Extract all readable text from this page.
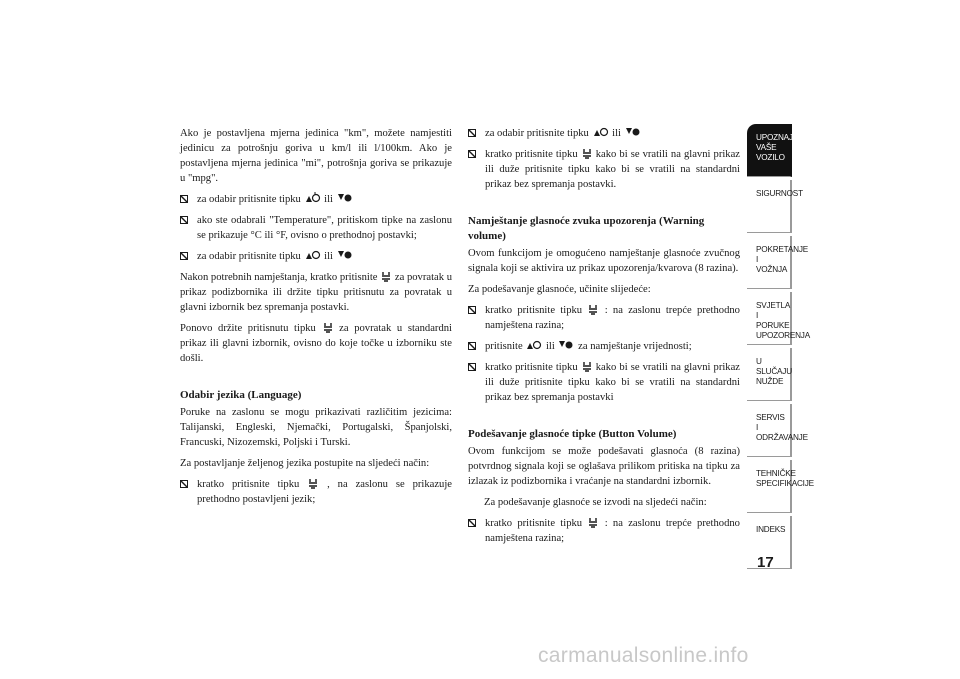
Ako je postavljena mjerna jedinica "km", možete namjestiti jedinicu za potrošnju goriva u km/l ili l/100km. Ako je postavljena mjerna jedinica "mi", potrošnja goriva se prikazuje u "mpg".

za odabir pritisnite tipku ili
ako ste odabrali "Temperature", pritiskom tipke na zaslonu se prikazuje °C ili °F, ovisno o prethodnoj postavki;
za odabir pritisnite tipku ili

Nakon potrebnih namještanja, kratko pritisnite za povratak u prikaz podizbornika ili držite tipku pritisnutu za povratak u glavni izbornik bez spremanja postavki.

Ponovo držite pritisnutu tipku za povratak u standardni prikaz ili glavni izbornik, ovisno do koje točke u izborniku ste došli.

Odabir jezika (Language)

Poruke na zaslonu se mogu prikazivati različitim jezicima: Talijanski, Engleski, Njemački, Portugalski, Španjolski, Francuski, Nizozemski, Poljski i Turski.

Za postavljanje željenog jezika postupite na sljedeći način:

kratko pritisnite tipku	, na zaslonu se prikazuje prethodno postavljeni jezik;
za odabir pritisnite tipku ili
kratko pritisnite tipku kako bi se vratili na glavni prikaz ili duže pritisnite tipku kako bi se vratili na standardni prikaz bez spremanja postavki.
Namještanje glasnoće zvuka upozorenja (Warning volume)

Ovom funkcijom je omogućeno namještanje glasnoće zvučnog signala koji se aktivira uz prikaz upozorenja/kvarova (8 razina).

Za podešavanje glasnoće, učinite slijedeće:

kratko pritisnite tipku : na zaslonu trepće prethodno namještena razina;
pritisnite ili za namještanje vrijednosti;
kratko pritisnite tipku kako bi se vratili na glavni prikaz ili duže pritisnite tipku kako bi se vratili na standardni prikaz bez spremanja postavki
Podešavanje glasnoće tipke (Button Volume)

Ovom funkcijom se može podešavati glasnoća (8 razina) potvrdnog signala koji se oglašava prilikom pritiska na tipku za izlazak iz podizbornika i vraćanje na standardni izbornik.

Za podešavanje glasnoće se izvodi na sljedeći način:

kratko pritisnite tipku : na zaslonu trepće prethodno namještena razina;
UPOZNAJTE
VAŠE
VOZILO
SIGURNOST
POKRETANJE
I
VOŽNJA
SVJETLA I
PORUKE
UPOZORENJA
U SLUČAJU
NUŽDE
SERVIS
I
ODRŽAVANJE
TEHNIČKE
SPECIFIKACIJE
INDEKS
17
carmanualsonline.info
